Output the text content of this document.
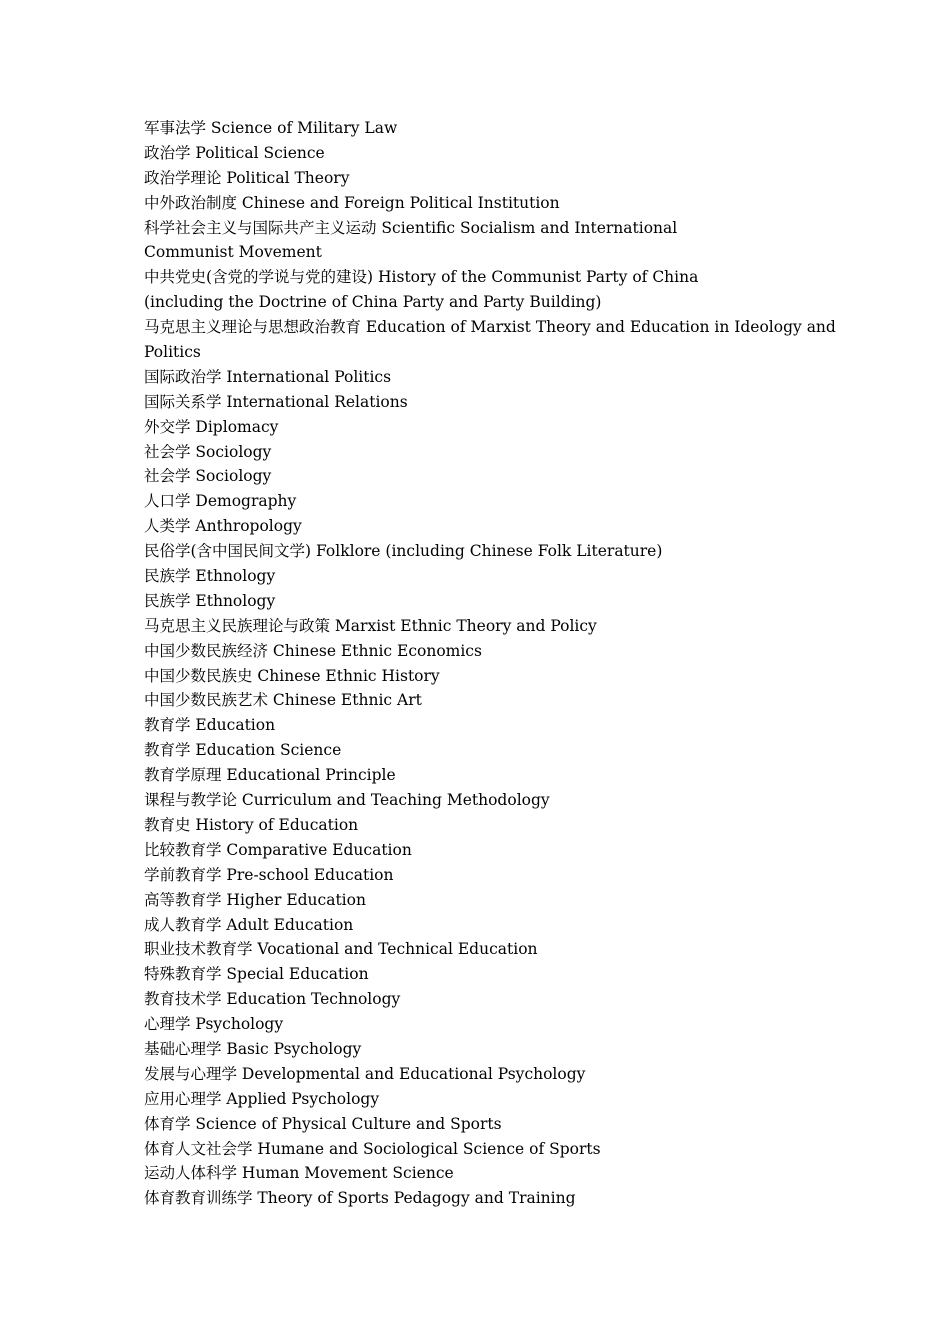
军事法学 Science of Military Law
政治学 Political Science
政治学理论 Political Theory
中外政治制度 Chinese and Foreign Political Institution
科学社会主义与国际共产主义运动 Scientific Socialism and International
Communist Movement
中共党史(含党的学说与党的建设) History of the Communist Party of China
(including the Doctrine of China Party and Party Building)
马克思主义理论与思想政治教育 Education of Marxist Theory and Education in Ideology and
Politics
国际政治学 International Politics
国际关系学 International Relations
外交学 Diplomacy
社会学 Sociology
社会学 Sociology
人口学 Demography
人类学 Anthropology
民俗学(含中国民间文学) Folklore (including Chinese Folk Literature)
民族学 Ethnology
民族学 Ethnology
马克思主义民族理论与政策 Marxist Ethnic Theory and Policy
中国少数民族经济 Chinese Ethnic Economics
中国少数民族史 Chinese Ethnic History
中国少数民族艺术 Chinese Ethnic Art
教育学 Education
教育学 Education Science
教育学原理 Educational Principle
课程与教学论 Curriculum and Teaching Methodology
教育史 History of Education
比较教育学 Comparative Education
学前教育学 Pre-school Education
高等教育学 Higher Education
成人教育学 Adult Education
职业技术教育学 Vocational and Technical Education
特殊教育学 Special Education
教育技术学 Education Technology
心理学 Psychology
基础心理学 Basic Psychology
发展与心理学 Developmental and Educational Psychology
应用心理学 Applied Psychology
体育学 Science of Physical Culture and Sports
体育人文社会学 Humane and Sociological Science of Sports
运动人体科学 Human Movement Science
体育教育训练学 Theory of Sports Pedagogy and Training
